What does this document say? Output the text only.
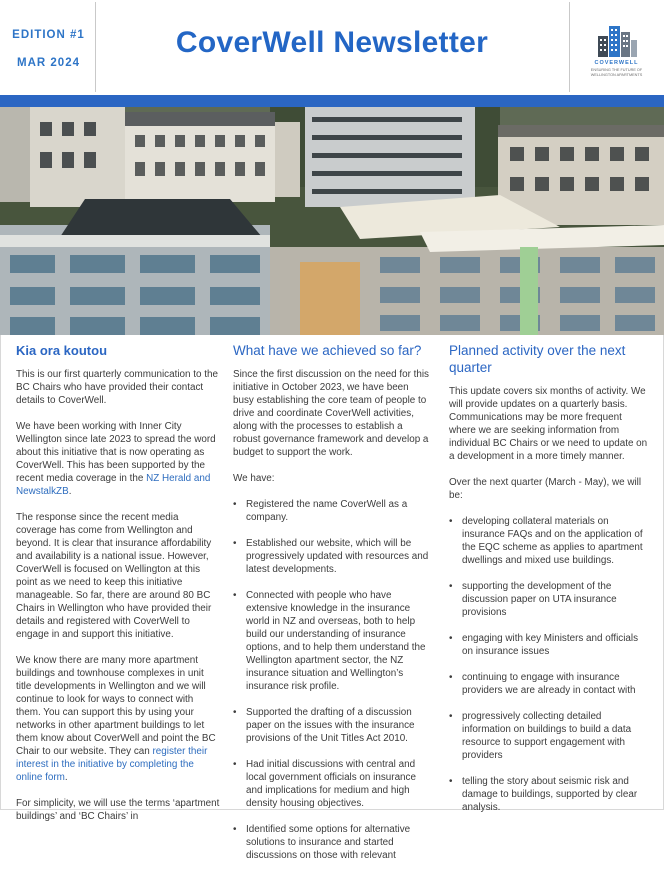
EDITION #1
MAR 2024
CoverWell Newsletter
COVERWELL
ENSURING THE FUTURE OF WELLINGTON APARTMENTS
Kia ora koutou

This is our first quarterly communication to the BC Chairs who have provided their contact details to CoverWell.

We have been working with Inner City Wellington since late 2023 to spread the word about this initiative that is now operating as CoverWell. This has been supported by the recent media coverage in the NZ Herald and NewstalkZB.

The response since the recent media coverage has come from Wellington and beyond. It is clear that insurance affordability and availability is a national issue. However, CoverWell is focused on Wellington at this point as we need to keep this initiative manageable. So far, there are around 80 BC Chairs in Wellington who have provided their details and registered with CoverWell to engage in and support this initiative.

We know there are many more apartment buildings and townhouse complexes in unit title developments in Wellington and we will continue to look for ways to connect with them. You can support this by using your networks in other apartment buildings to let them know about CoverWell and point the BC Chair to our website. They can register their interest in the initiative by completing the online form.

For simplicity, we will use the terms ‘apartment buildings’ and ‘BC Chairs’ in

What have we achieved so far?

Since the first discussion on the need for this initiative in October 2023, we have been busy establishing the core team of people to drive and coordinate CoverWell activities, along with the processes to establish a robust governance framework and develop a budget to support the work.

We have:

• Registered the name CoverWell as a company.
• Established our website, which will be progressively updated with resources and latest developments.
• Connected with people who have extensive knowledge in the insurance world in NZ and overseas, both to help build our understanding of insurance options, and to help them understand the Wellington apartment sector, the NZ insurance situation and Wellington’s insurance risk profile.
• Supported the drafting of a discussion paper on the issues with the insurance provisions of the Unit Titles Act 2010.
• Had initial discussions with central and local government officials on insurance and implications for medium and high density housing objectives.
• Identified some options for alternative solutions to insurance and started discussions on those with relevant
Planned activity over the next quarter

This update covers six months of activity. We will provide updates on a quarterly basis. Communications may be more frequent where we are seeking information from individual BC Chairs or we need to update on a development in a more timely manner.

Over the next quarter (March - May), we will be:

• developing collateral materials on insurance FAQs and on the application of the EQC scheme as applies to apartment dwellings and mixed use buildings.
• supporting the development of the discussion paper on UTA insurance provisions
• engaging with key Ministers and officials on insurance issues
• continuing to engage with insurance providers we are already in contact with
• progressively collecting detailed information on buildings to build a data resource to support engagement with providers
• telling the story about seismic risk and damage to buildings, supported by clear analysis.
